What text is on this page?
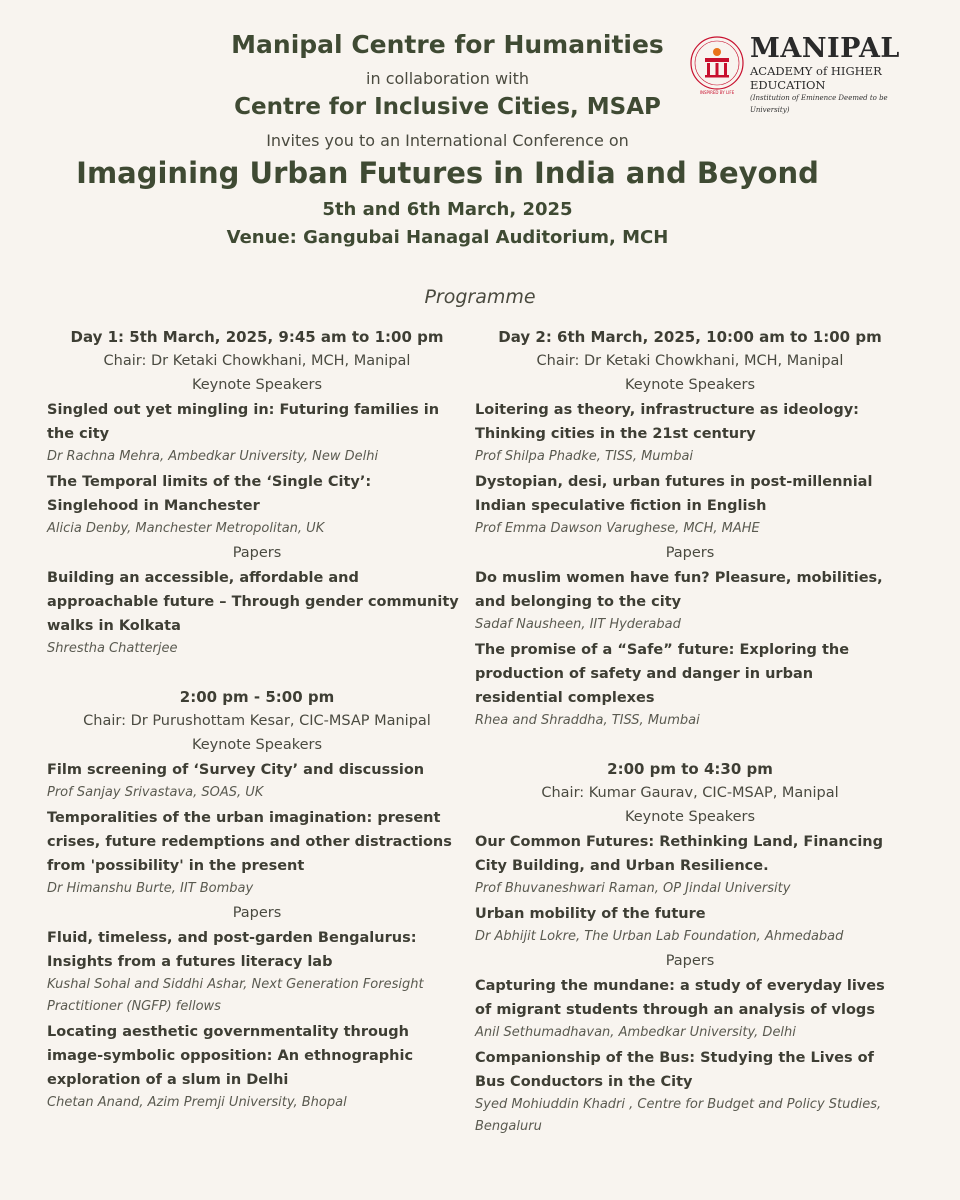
Manipal Centre for Humanities
in collaboration with
Centre for Inclusive Cities, MSAP
Invites you to an International Conference on
Imagining Urban Futures in India and Beyond
5th and 6th March, 2025
Venue: Gangubai Hanagal Auditorium, MCH
INSPIRED BY LIFE
MANIPAL
ACADEMY of HIGHER EDUCATION
(Institution of Eminence Deemed to be University)
Programme
Day 1: 5th March, 2025, 9:45 am to 1:00 pm
Chair: Dr Ketaki Chowkhani, MCH, Manipal
Keynote Speakers
Singled out yet mingling in: Futuring families in the city
Dr Rachna Mehra, Ambedkar University, New Delhi
The Temporal limits of the ‘Single City’: Singlehood in Manchester
Alicia Denby, Manchester Metropolitan, UK
Papers
Building an accessible, affordable and approachable future – Through gender community walks in Kolkata
Shrestha Chatterjee
2:00 pm - 5:00 pm
Chair: Dr Purushottam Kesar, CIC-MSAP Manipal
Keynote Speakers
Film screening of ‘Survey City’ and discussion
Prof Sanjay Srivastava, SOAS, UK
Temporalities of the urban imagination: present crises, future redemptions and other distractions from 'possibility' in the present
Dr Himanshu Burte, IIT Bombay
Papers
Fluid, timeless, and post-garden Bengalurus: Insights from a futures literacy lab
Kushal Sohal and Siddhi Ashar, Next Generation Foresight Practitioner (NGFP) fellows
Locating aesthetic governmentality through image-symbolic opposition: An ethnographic exploration of a slum in Delhi
Chetan Anand, Azim Premji University, Bhopal
Day 2: 6th March, 2025, 10:00 am to 1:00 pm
Chair: Dr Ketaki Chowkhani, MCH, Manipal
Keynote Speakers
Loitering as theory, infrastructure as ideology: Thinking cities in the 21st century
Prof Shilpa Phadke, TISS, Mumbai
Dystopian, desi, urban futures in post-millennial Indian speculative fiction in English
Prof Emma Dawson Varughese, MCH, MAHE
Papers
Do muslim women have fun? Pleasure, mobilities, and belonging to the city
Sadaf Nausheen, IIT Hyderabad
The promise of a “Safe” future: Exploring the production of safety and danger in urban residential complexes
Rhea and Shraddha, TISS, Mumbai
2:00 pm to 4:30 pm
Chair: Kumar Gaurav, CIC-MSAP, Manipal
Keynote Speakers
Our Common Futures: Rethinking Land, Financing City Building, and Urban Resilience.
Prof Bhuvaneshwari Raman, OP Jindal University
Urban mobility of the future
Dr Abhijit Lokre, The Urban Lab Foundation, Ahmedabad
Papers
Capturing the mundane: a study of everyday lives of migrant students through an analysis of vlogs
Anil Sethumadhavan, Ambedkar University, Delhi
Companionship of the Bus: Studying the Lives of Bus Conductors in the City
Syed Mohiuddin Khadri , Centre for Budget and Policy Studies, Bengaluru
